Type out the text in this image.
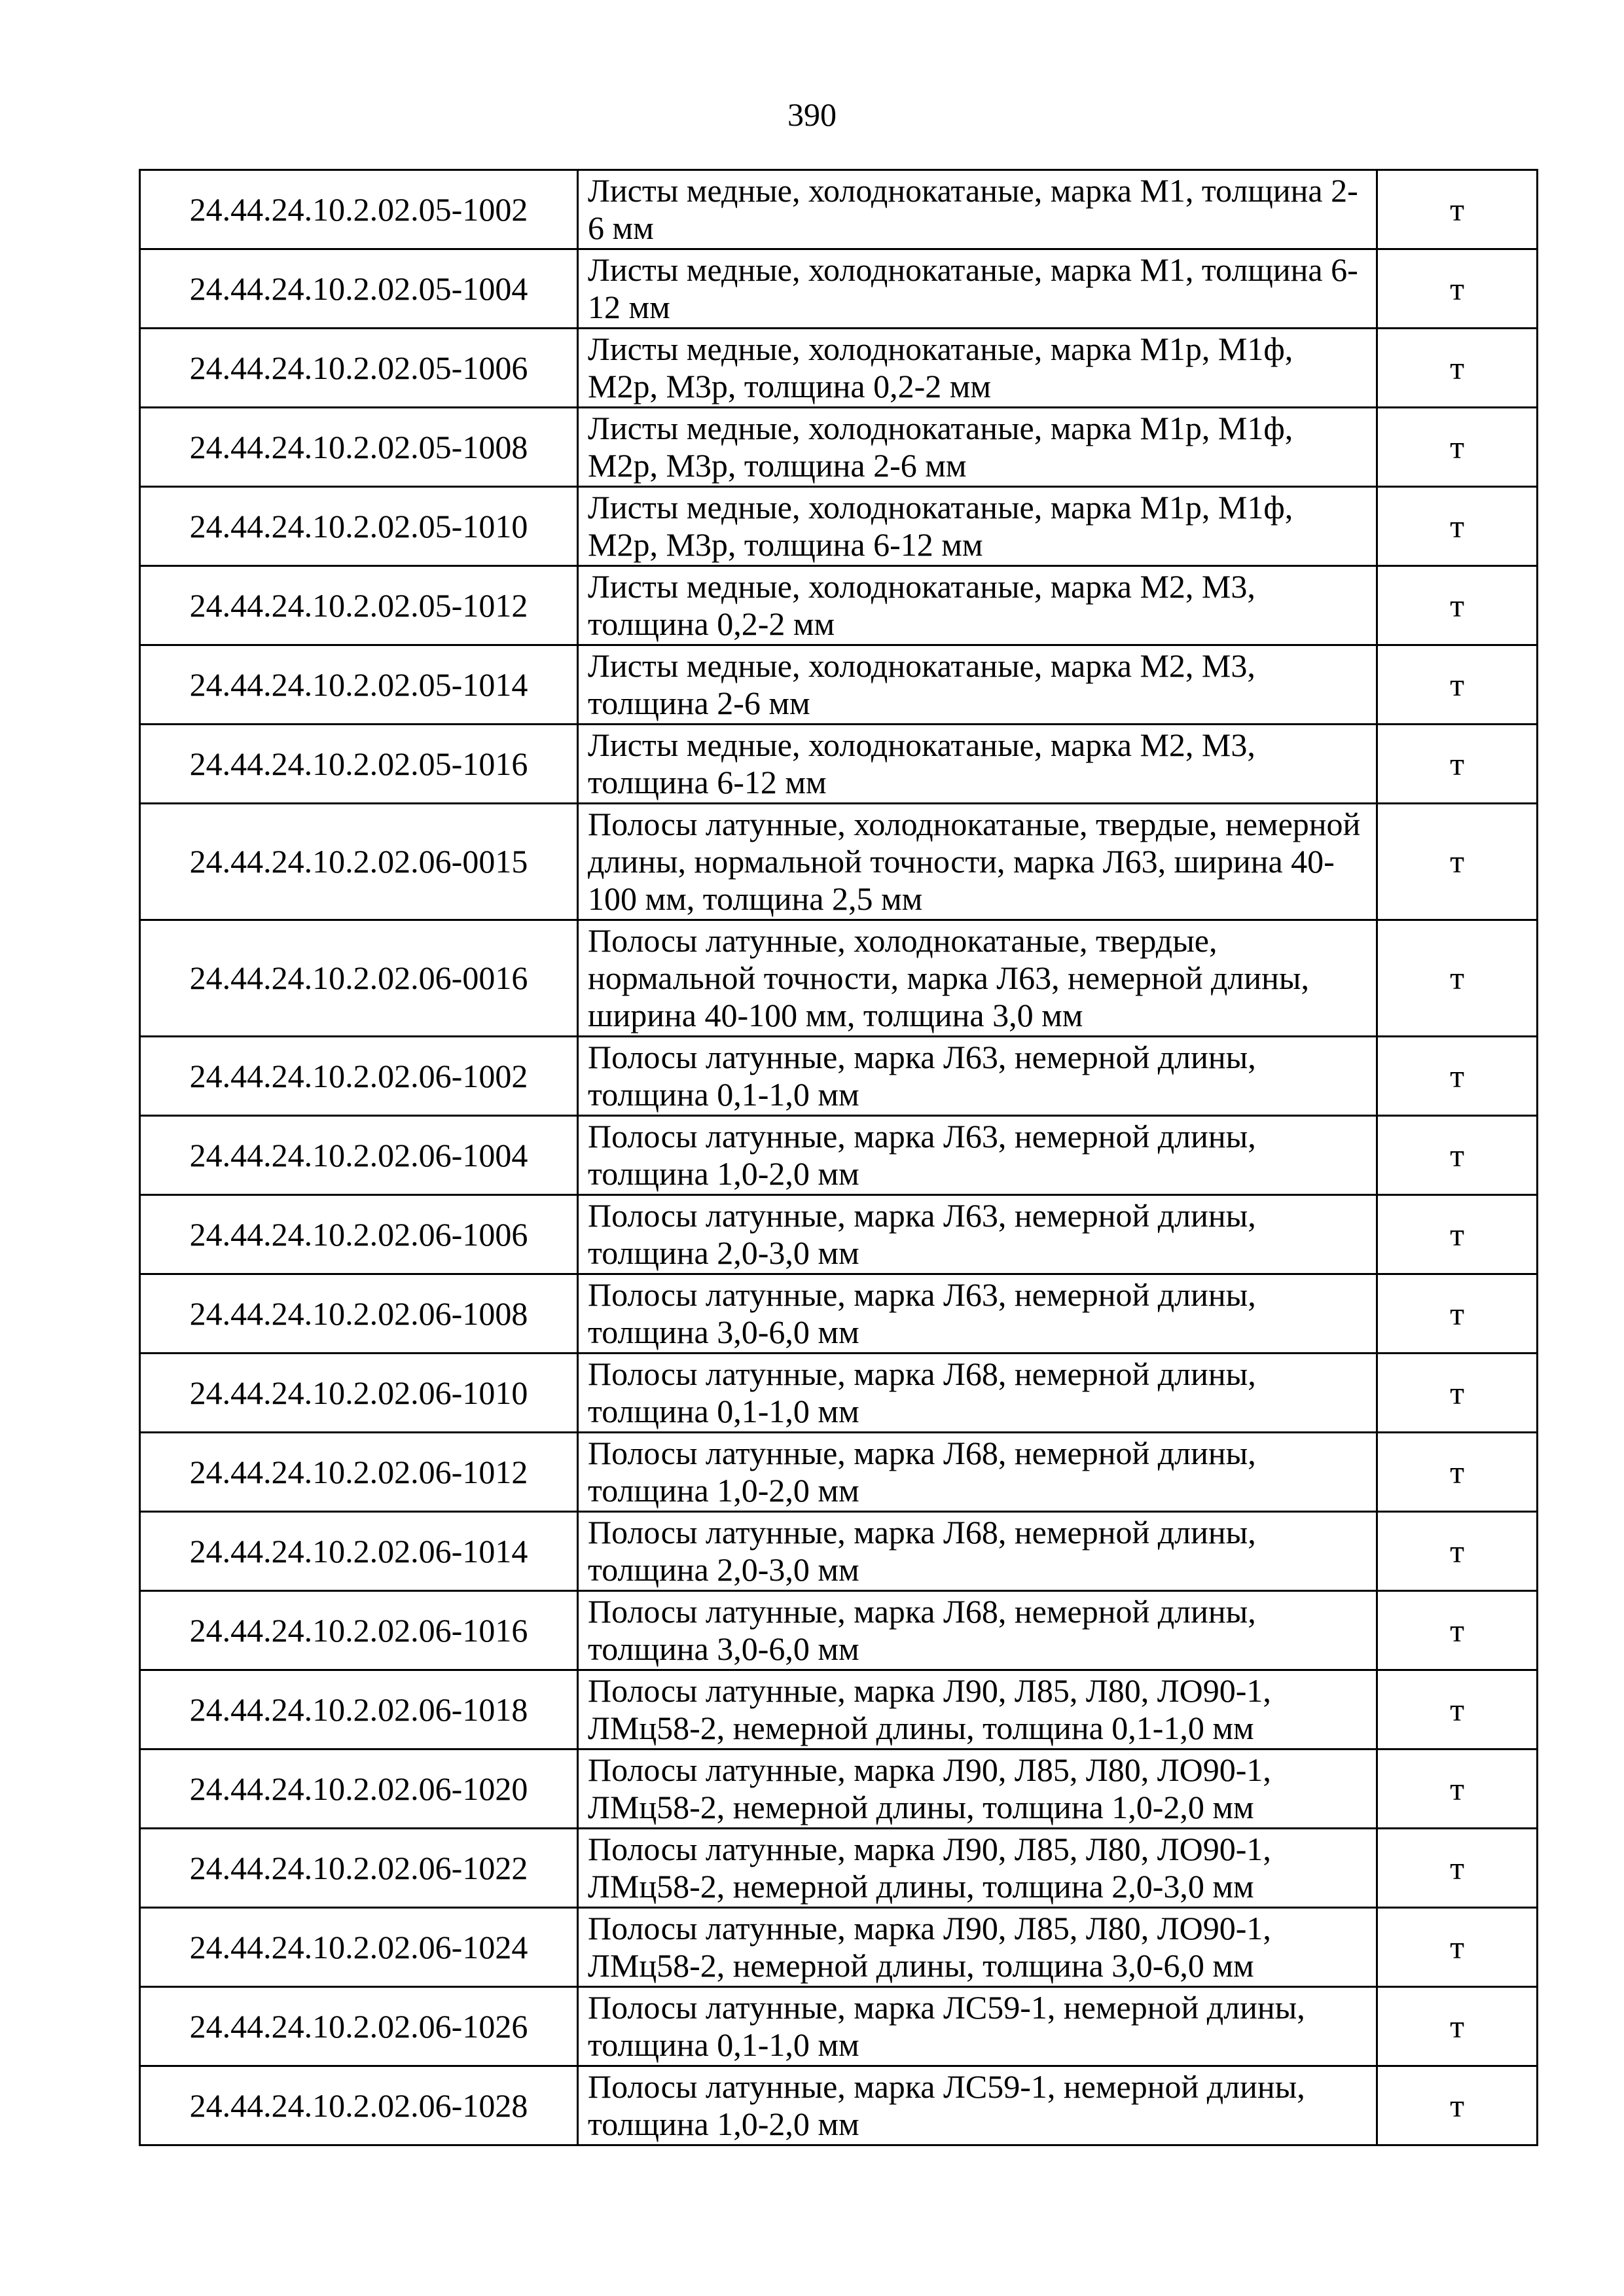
390
24.44.24.10.2.02.05-1002	Листы медные, холоднокатаные, марка М1, толщина 2-6 мм	т
24.44.24.10.2.02.05-1004	Листы медные, холоднокатаные, марка М1, толщина 6-12 мм	т
24.44.24.10.2.02.05-1006	Листы медные, холоднокатаные, марка М1р, М1ф, М2р, М3р, толщина 0,2-2 мм	т
24.44.24.10.2.02.05-1008	Листы медные, холоднокатаные, марка М1р, М1ф, М2р, М3р, толщина 2-6 мм	т
24.44.24.10.2.02.05-1010	Листы медные, холоднокатаные, марка М1р, М1ф, М2р, М3р, толщина 6-12 мм	т
24.44.24.10.2.02.05-1012	Листы медные, холоднокатаные, марка М2, М3, толщина 0,2-2 мм	т
24.44.24.10.2.02.05-1014	Листы медные, холоднокатаные, марка М2, М3, толщина 2-6 мм	т
24.44.24.10.2.02.05-1016	Листы медные, холоднокатаные, марка М2, М3, толщина 6-12 мм	т
24.44.24.10.2.02.06-0015	Полосы латунные, холоднокатаные, твердые, немерной длины, нормальной точности, марка Л63, ширина 40-100 мм, толщина 2,5 мм	т
24.44.24.10.2.02.06-0016	Полосы латунные, холоднокатаные, твердые, нормальной точности, марка Л63, немерной длины, ширина 40-100 мм, толщина 3,0 мм	т
24.44.24.10.2.02.06-1002	Полосы латунные, марка Л63, немерной длины, толщина 0,1-1,0 мм	т
24.44.24.10.2.02.06-1004	Полосы латунные, марка Л63, немерной длины, толщина 1,0-2,0 мм	т
24.44.24.10.2.02.06-1006	Полосы латунные, марка Л63, немерной длины, толщина 2,0-3,0 мм	т
24.44.24.10.2.02.06-1008	Полосы латунные, марка Л63, немерной длины, толщина 3,0-6,0 мм	т
24.44.24.10.2.02.06-1010	Полосы латунные, марка Л68, немерной длины, толщина 0,1-1,0 мм	т
24.44.24.10.2.02.06-1012	Полосы латунные, марка Л68, немерной длины, толщина 1,0-2,0 мм	т
24.44.24.10.2.02.06-1014	Полосы латунные, марка Л68, немерной длины, толщина 2,0-3,0 мм	т
24.44.24.10.2.02.06-1016	Полосы латунные, марка Л68, немерной длины, толщина 3,0-6,0 мм	т
24.44.24.10.2.02.06-1018	Полосы латунные, марка Л90, Л85, Л80, ЛО90-1, ЛМц58-2, немерной длины, толщина 0,1-1,0 мм	т
24.44.24.10.2.02.06-1020	Полосы латунные, марка Л90, Л85, Л80, ЛО90-1, ЛМц58-2, немерной длины, толщина 1,0-2,0 мм	т
24.44.24.10.2.02.06-1022	Полосы латунные, марка Л90, Л85, Л80, ЛО90-1, ЛМц58-2, немерной длины, толщина 2,0-3,0 мм	т
24.44.24.10.2.02.06-1024	Полосы латунные, марка Л90, Л85, Л80, ЛО90-1, ЛМц58-2, немерной длины, толщина 3,0-6,0 мм	т
24.44.24.10.2.02.06-1026	Полосы латунные, марка ЛС59-1, немерной длины, толщина 0,1-1,0 мм	т
24.44.24.10.2.02.06-1028	Полосы латунные, марка ЛС59-1, немерной длины, толщина 1,0-2,0 мм	т
